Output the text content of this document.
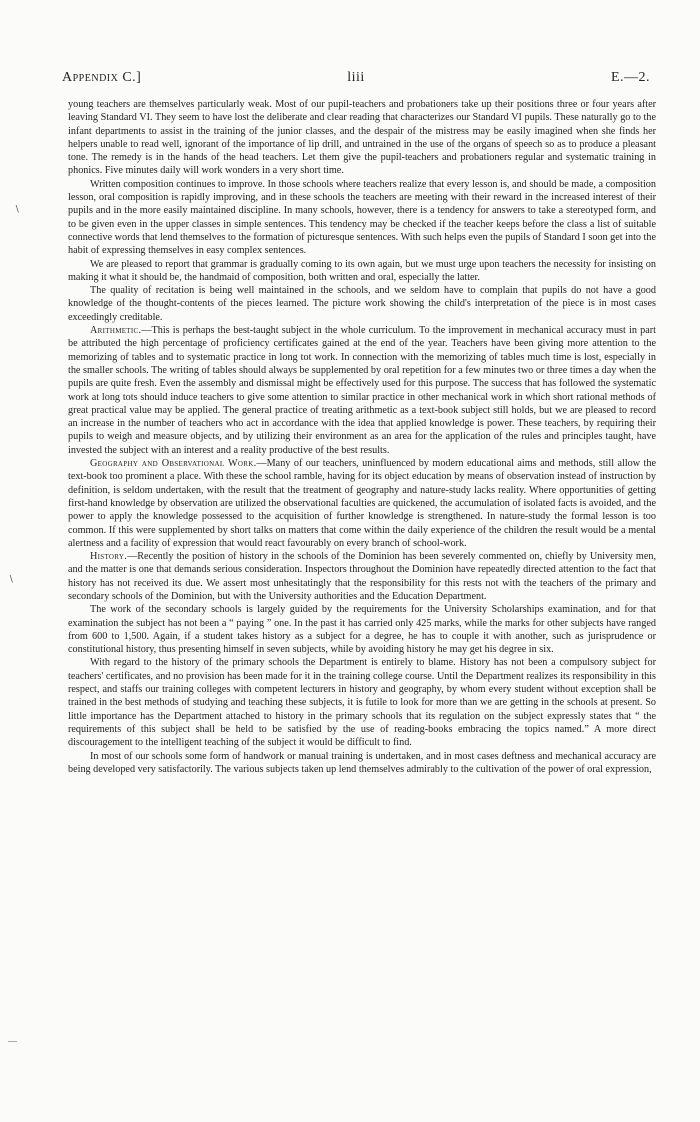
Appendix C.]	liii	E.—2.

young teachers are themselves particularly weak. Most of our pupil-teachers and probationers take up their positions three or four years after leaving Standard VI. They seem to have lost the deliberate and clear reading that characterizes our Standard VI pupils. These naturally go to the infant departments to assist in the training of the junior classes, and the despair of the mistress may be easily imagined when she finds her helpers unable to read well, ignorant of the importance of lip drill, and untrained in the use of the organs of speech so as to produce a pleasant tone. The remedy is in the hands of the head teachers. Let them give the pupil-teachers and probationers regular and systematic training in phonics. Five minutes daily will work wonders in a very short time.

Written composition continues to improve. In those schools where teachers realize that every lesson is, and should be made, a composition lesson, oral composition is rapidly improving, and in these schools the teachers are meeting with their reward in the increased interest of their pupils and in the more easily maintained discipline. In many schools, however, there is a tendency for answers to take a stereotyped form, and to be given even in the upper classes in simple sentences. This tendency may be checked if the teacher keeps before the class a list of suitable connective words that lend themselves to the formation of picturesque sentences. With such helps even the pupils of Standard I soon get into the habit of expressing themselves in easy complex sentences.

We are pleased to report that grammar is gradually coming to its own again, but we must urge upon teachers the necessity for insisting on making it what it should be, the handmaid of composition, both written and oral, especially the latter.

The quality of recitation is being well maintained in the schools, and we seldom have to complain that pupils do not have a good knowledge of the thought-contents of the pieces learned. The picture work showing the child's interpretation of the piece is in most cases exceedingly creditable.

Arithmetic.—This is perhaps the best-taught subject in the whole curriculum. To the improvement in mechanical accuracy must in part be attributed the high percentage of proficiency certificates gained at the end of the year. Teachers have been giving more attention to the memorizing of tables and to systematic practice in long tot work. In connection with the memorizing of tables much time is lost, especially in the smaller schools. The writing of tables should always be supplemented by oral repetition for a few minutes two or three times a day when the pupils are quite fresh. Even the assembly and dismissal might be effectively used for this purpose. The success that has followed the systematic work at long tots should induce teachers to give some attention to similar practice in other mechanical work in which short rational methods of great practical value may be applied. The general practice of treating arithmetic as a text-book subject still holds, but we are pleased to record an increase in the number of teachers who act in accordance with the idea that applied knowledge is power. These teachers, by requiring their pupils to weigh and measure objects, and by utilizing their environment as an area for the application of the rules and principles taught, have invested the subject with an interest and a reality productive of the best results.

Geography and Observational Work.—Many of our teachers, uninfluenced by modern educational aims and methods, still allow the text-book too prominent a place. With these the school ramble, having for its object education by means of observation instead of instruction by definition, is seldom undertaken, with the result that the treatment of geography and nature-study lacks reality. Where opportunities of getting first-hand knowledge by observation are utilized the observational faculties are quickened, the accumulation of isolated facts is avoided, and the power to apply the knowledge possessed to the acquisition of further knowledge is strengthened. In nature-study the formal lesson is too common. If this were supplemented by short talks on matters that come within the daily experience of the children the result would be a mental alertness and a facility of expression that would react favourably on every branch of school-work.

History.—Recently the position of history in the schools of the Dominion has been severely commented on, chiefly by University men, and the matter is one that demands serious consideration. Inspectors throughout the Dominion have repeatedly directed attention to the fact that history has not received its due. We assert most unhesitatingly that the responsibility for this rests not with the teachers of the primary and secondary schools of the Dominion, but with the University authorities and the Education Department.

The work of the secondary schools is largely guided by the requirements for the University Scholarships examination, and for that examination the subject has not been a “ paying ” one. In the past it has carried only 425 marks, while the marks for other subjects have ranged from 600 to 1,500. Again, if a student takes history as a subject for a degree, he has to couple it with another, such as jurisprudence or constitutional history, thus presenting himself in seven subjects, while by avoiding history he may get his degree in six.

With regard to the history of the primary schools the Department is entirely to blame. History has not been a compulsory subject for teachers' certificates, and no provision has been made for it in the training college course. Until the Department realizes its responsibility in this respect, and staffs our training colleges with competent lecturers in history and geography, by whom every student without exception shall be trained in the best methods of studying and teaching these subjects, it is futile to look for more than we are getting in the schools at present. So little importance has the Department attached to history in the primary schools that its regulation on the subject expressly states that “ the requirements of this subject shall be held to be satisfied by the use of reading-books embracing the topics named.” A more direct discouragement to the intelligent teaching of the subject it would be difficult to find.

In most of our schools some form of handwork or manual training is undertaken, and in most cases deftness and mechanical accuracy are being developed very satisfactorily. The various subjects taken up lend themselves admirably to the cultivation of the power of oral expression,

∖
∖
—
